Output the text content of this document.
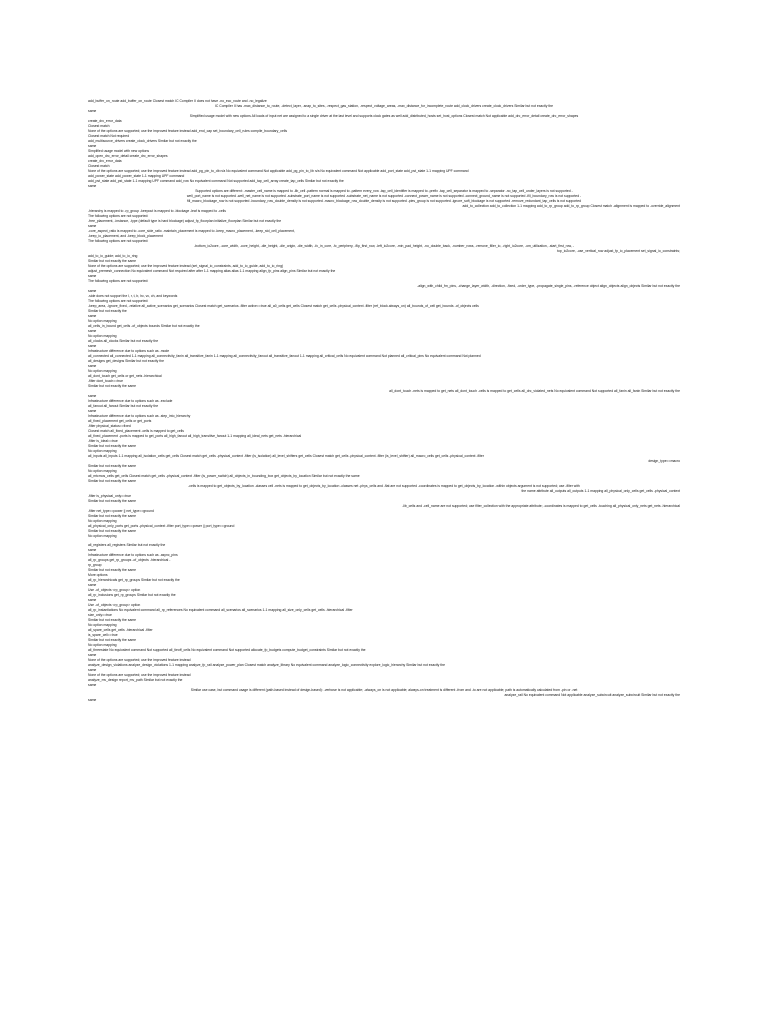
add_buffer_on_route add_buffer_on_route Closest match IC Compiler II does not have -no_eco_route and -no_legalize

IC Compiler II has -max_distance_to_route, -detect_layer, -snap_to_sites, -respect_gas_station, -respect_voltage_areas, -max_distance_for_incomplete_route add_clock_drivers create_clock_drivers Similar but not exactly the

same

Simplified usage model with new options All loads of input net are assigned to a single driver at the last level and supports clock gates as well add_distributed_hosts set_host_options Closest match Not applicable add_drc_error_detail create_drc_error_shapes

create_drc_error_data

Closest match

None of the options are supported; use the improved feature instead add_end_cap set_boundary_cell_rules compile_boundary_cells

Closest match Not required

add_multisource_drivers create_clock_drivers Similar but not exactly the

same

Simplified usage model with new options

add_open_drc_error_detail create_drc_error_shapes

create_drc_error_data

Closest match

None of the options are supported; use the improved feature instead add_pg_pin_to_db n/a No equivalent command Not applicable add_pg_pin_to_lib n/a No equivalent command Not applicable add_port_state add_pst_state 1-1 mapping UPF command

add_power_state add_power_state 1-1 mapping UPF command

add_pst_state add_pst_state 1-1 mapping UPF command add_row No equivalent command Not supported add_tap_cell_array create_tap_cells Similar but not exactly the

same

Supported options are different: -master_cell_name is mapped to -lib_cell -pattern normal is mapped to -pattern every_row -tap_cell_identifier is mapped to -prefix -tap_cell_separator is mapped to -separator -no_tap_cell_under_layers is not supported -

well_port_name is not supported -well_net_name is not supported -substrate_port_name is not supported -substrate_net_name is not supported -connect_power_name is not supported -connect_ground_name is not supported -fill_boundary_row is not supported -

fill_macro_blockage_row is not supported -boundary_row_double_density is not supported -macro_blockage_row_double_density is not supported -pies_group is not supported -ignore_soft_blockage is not supported -remove_redundant_tap_cells is not supported

add_to_collection add_to_collection 1-1 mapping add_to_rp_group add_to_rp_group Closest match -alignment is mapped to -override_alignment

-hierarchy is mapped to -rp_group -keepout is mapped to -blockage -leaf is mapped to -cells

The following options are not supported:

-free_placement, -instance, -type (default type is hard blockage) adjust_fp_floorplan initialize_floorplan Similar but not exactly the

same

-core_aspect_ratio is mapped to -core_side_ratio -maintain_placement is mapped to -keep_macro_placement, -keep_std_cell_placement,

-keep_io_placement, and -keep_block_placement

The following options are not supported:

-bottom_io2core, -core_width, -core_height, -die_height, -die_origin, -die_width, -fc_in_core, -fc_periphery, -flip_first_row, -left_io2core, -min_pad_height, -no_double_back, -number_rows, -remove_filler_io, -right_io2core, -om_utilization, -start_first_row, -

top_io2core, -use_vertical_row adjust_fp_io_placement set_signal_io_constraints;

add_to_io_guide; add_to_io_ring

Similar but not exactly the same

None of the options are supported; use the improved feature instead (set_signal_io_constraints, add_to_io_guide, add_to_io_ring)

adjust_premesh_connection No equivalent command Not required after after 1-1 mapping alias alias 1-1 mapping align_fp_pins align_pins Similar but not exactly the

same

The following options are not supported:

-align_with_child_fm_pins, -change_layer_width, -direction, -fixed, -order_type, -propagate_single_pins, -reference object align_objects align_objects Similar but not exactly the

same

-side does not support the l, r, t, b, hc, vc, ch, and keywords

The following options are not supported:

-keep_area, -ignore_fixed, -relative all_active_scenarios get_scenarios Closest match get_scenarios -filter active==true all_a0_cells get_cells Closest match get_cells -physical_context -filter (ref_block.always_on) all_bounds_of_cell get_bounds -of_objects cells

Similar but not exactly the

same

No option mapping

all_cells_in_bound get_cells -of_objects bounds Similar but not exactly the

same

No option mapping

all_clocks all_clocks Similar but not exactly the

same

Infrastructure difference due to options such as -mode

all_connected all_connected 1-1 mapping all_connectivity_fanin all_transitive_fanin 1-1 mapping all_connectivity_fanout all_transitive_fanout 1-1 mapping all_critical_cells No equivalent command Not planned all_critical_pins No equivalent command Not planned

all_designs get_designs Similar but not exactly the

same

No option mapping

all_dont_touch get_cells or get_nets -hierarchical

-filter dont_touch==true

Similar but not exactly the same

all_dont_touch -nets is mapped to get_nets all_dont_touch -cells is mapped to get_cells all_drc_violated_nets No equivalent command Not supported all_fanin all_fanin Similar but not exactly the

same

Infrastructure difference due to options such as -exclude

all_fanout all_fanout Similar but not exactly the

same

Infrastructure difference due to options such as -step_into_hierarchy

all_fixed_placement get_cells or get_ports

-filter physical_status==fixed

Closest match all_fixed_placement -cells is mapped to get_cells

all_fixed_placement -ports is mapped to get_ports all_high_fanout all_high_transitive_fanout 1-1 mapping all_ideal_nets get_nets -hierarchical

-filter is_ideal==true

Similar but not exactly the same

No option mapping

all_inputs all_inputs 1-1 mapping all_isolation_cells get_cells Closest match get_cells -physical_context -filter (is_isolation) all_level_shifters get_cells Closest match get_cells -physical_context -filter (is_level_shifter) all_macro_cells get_cells -physical_context -filter

design_type==macro

Similar but not exactly the same

No option mapping

all_mtcmos_cells get_cells Closest match get_cells -physical_context -filter (is_power_switch) all_objects_in_bounding_box get_objects_by_location Similar but not exactly the same

Similar but not exactly the same

-cells is mapped to get_objects_by_location -classes cell -nets is mapped to get_objects_by_location -classes net -phys_cells and -flat are not supported -coordinates is mapped to get_objects_by_location -within objects argument is not supported; use -filter with

the name attribute all_outputs all_outputs 1-1 mapping all_physical_only_cells get_cells -physical_context

-filter is_physical_only==true

Similar but not exactly the same

-lib_cells and -cell_name are not supported; use filter_collection with the appropriate attribute; -coordinates is mapped to get_cells -touching all_physical_only_nets get_nets -hierarchical

-filter net_type==power || net_type==ground

Similar but not exactly the same

No option mapping

all_physical_only_ports get_ports -physical_context -filter port_type==power || port_type==ground

Similar but not exactly the same

No option mapping

all_registers all_registers Similar but not exactly the

same

Infrastructure difference due to options such as -async_pins

all_rp_groups get_rp_groups -of_objects -hierarchical -

rp_group

Similar but not exactly the same

More options

all_rp_hierarchicals get_rp_groups Similar but not exactly the

same

Use -of_objects <rp_group> option

all_rp_inclusions get_rp_groups Similar but not exactly the

same

Use -of_objects <rp_group> option

all_rp_instantiations No equivalent command all_rp_references No equivalent command all_scenarios all_scenarios 1-1 mapping all_size_only_cells get_cells -hierarchical -filter

size_only==true

Similar but not exactly the same

No option mapping

all_spare_cells get_cells -hierarchical -filter

is_spare_cell==true

Similar but not exactly the same

No option mapping

all_threestate No equivalent command Not supported all_tieoff_cells No equivalent command Not supported allocate_fp_budgets compute_budget_constraints Similar but not exactly the

same

None of the options are supported; use the improved feature instead

analyze_design_violations analyze_design_violations 1-1 mapping analyze_fp_rail analyze_power_plan Closest match analyze_library No equivalent command analyze_logic_connectivity explore_logic_hierarchy Similar but not exactly the

same

None of the options are supported; use the improved feature instead

analyze_mv_design report_mv_path Similar but not exactly the

same

Similar use case, but command usage is different (path-based instead of design-based): -verbose is not applicable; -always_on is not applicable; always-on treatment is different -from and -to are not applicable; path is automatically calculated from -pin or -net

analyze_rail No equivalent command Not applicable analyze_subcircuit analyze_subcircuit Similar but not exactly the

same
